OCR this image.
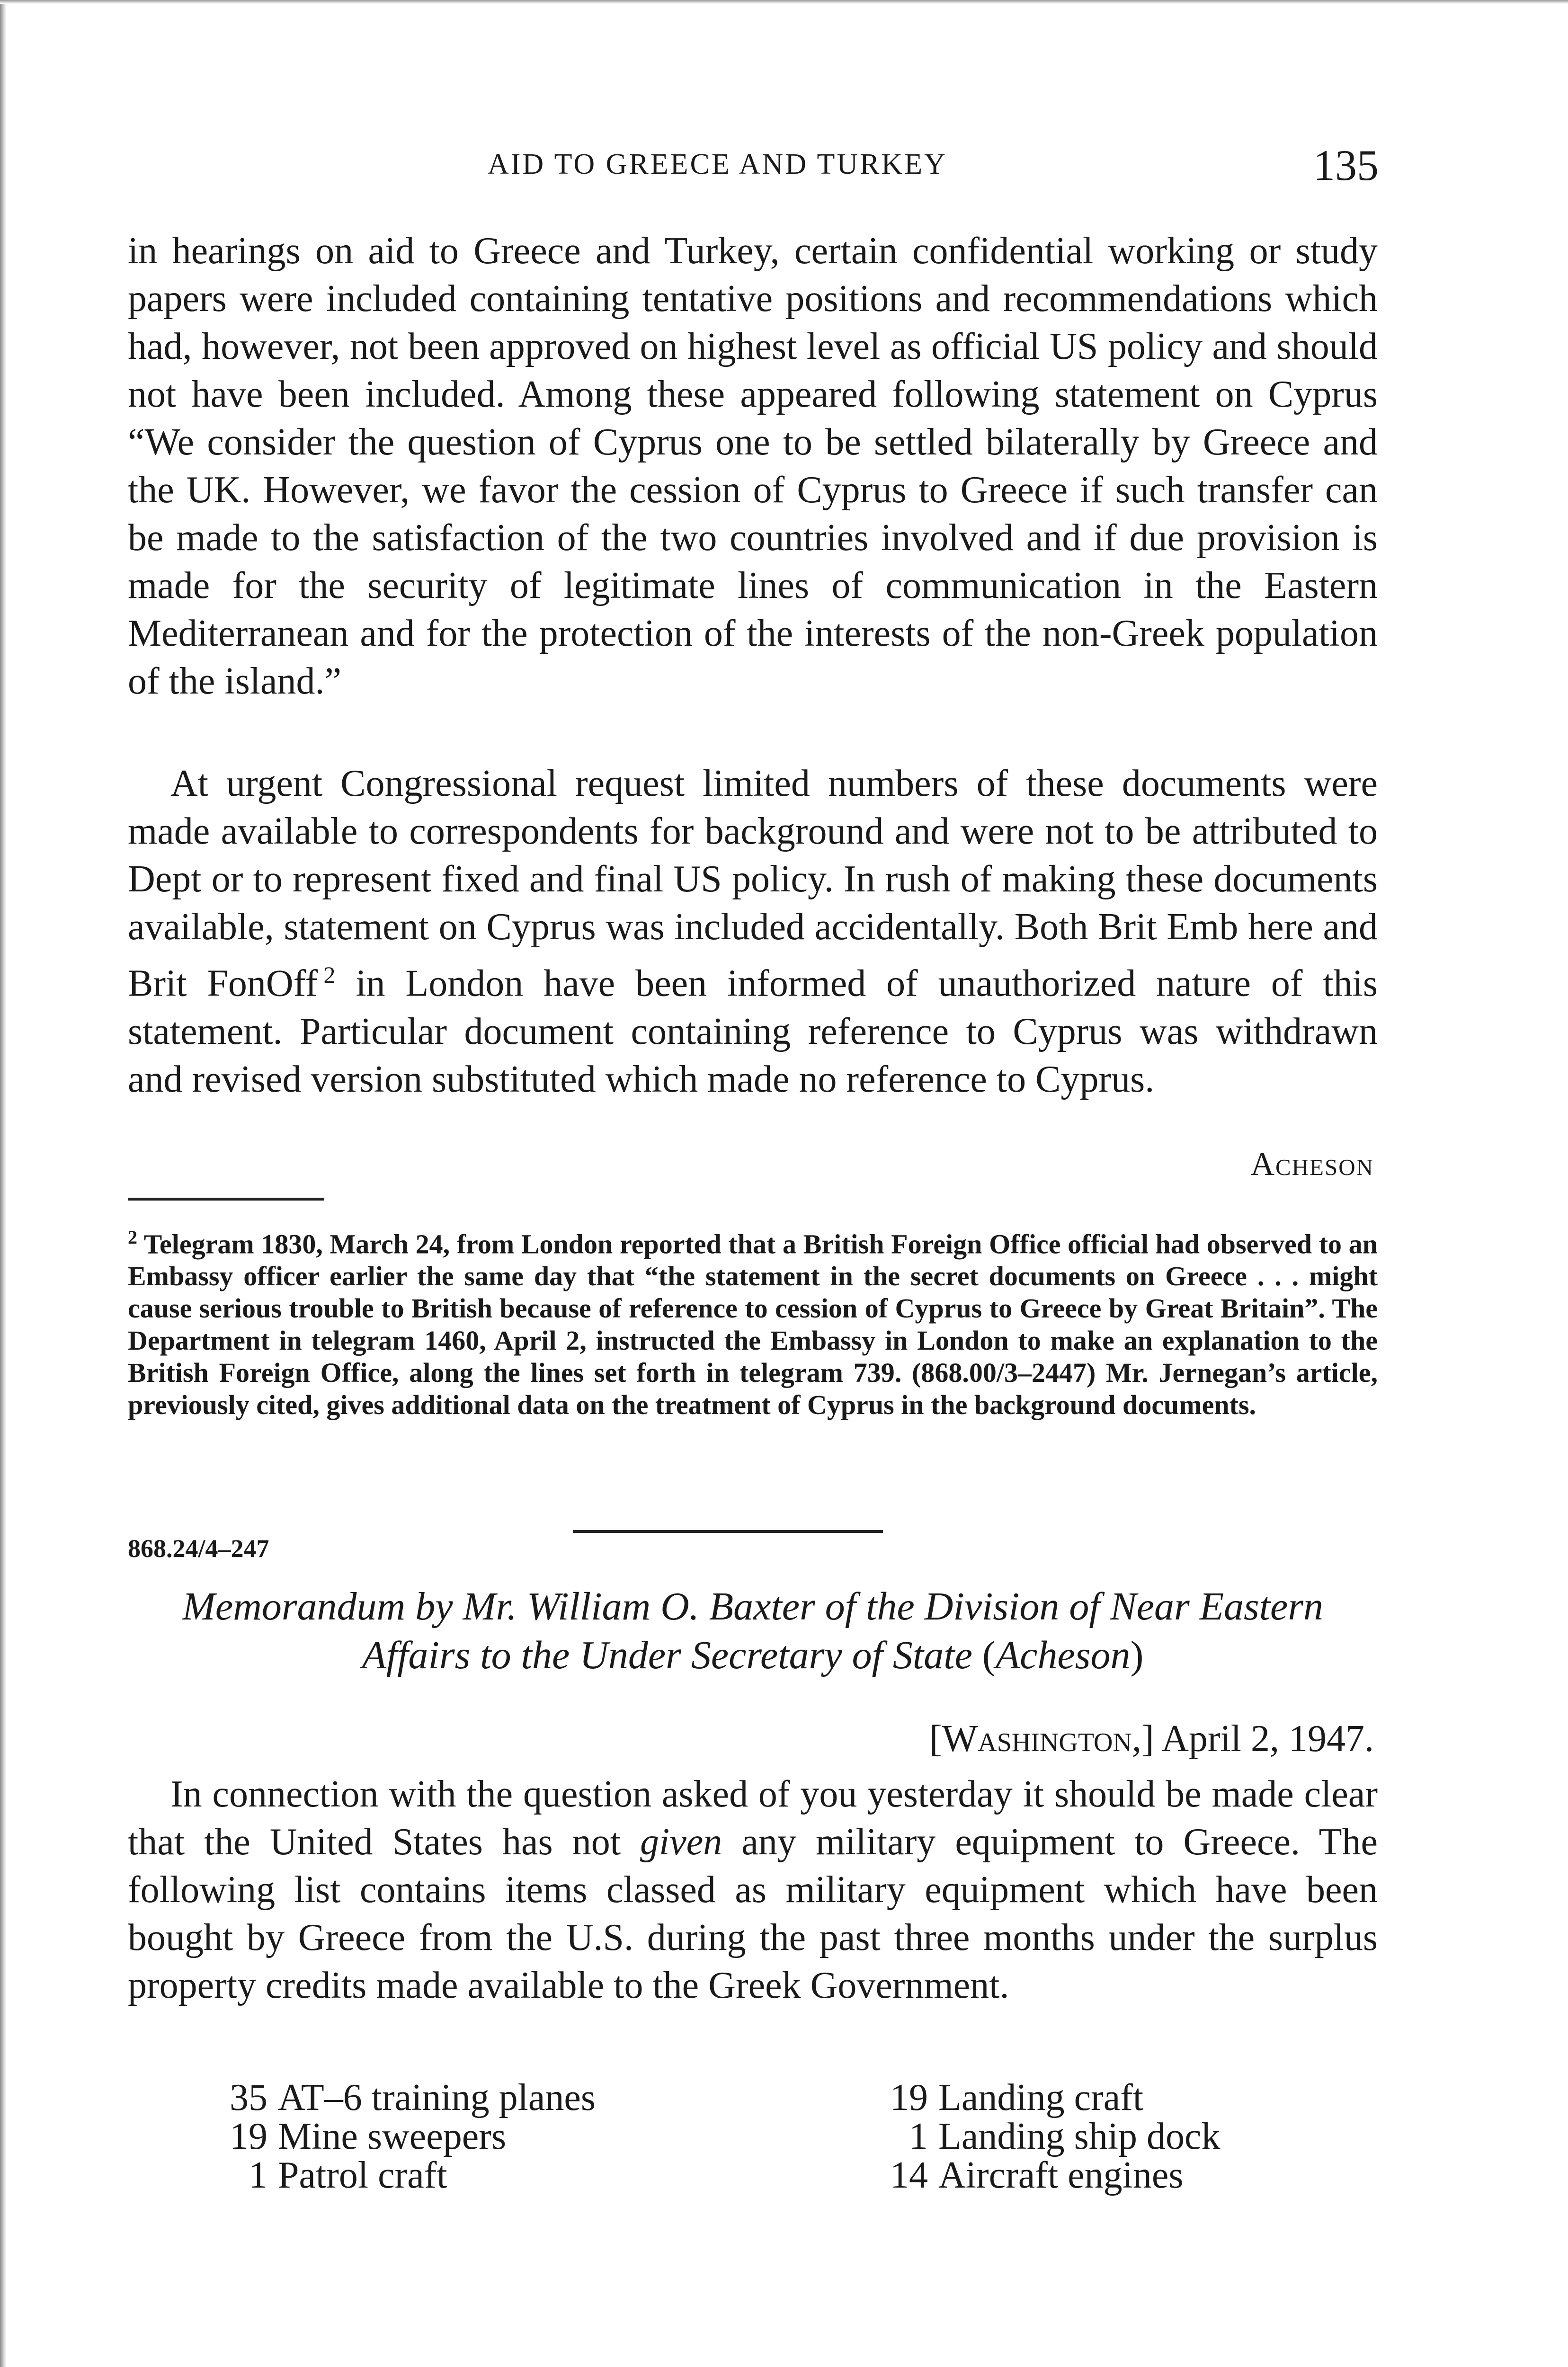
AID TO GREECE AND TURKEY	135
in hearings on aid to Greece and Turkey, certain confidential working or study papers were included containing tentative positions and recommendations which had, however, not been approved on highest level as official US policy and should not have been included. Among these appeared following statement on Cyprus “We consider the question of Cyprus one to be settled bilaterally by Greece and the UK. However, we favor the cession of Cyprus to Greece if such transfer can be made to the satisfaction of the two countries involved and if due provision is made for the security of legitimate lines of communication in the Eastern Mediterranean and for the protection of the interests of the non-Greek population of the island.”
At urgent Congressional request limited numbers of these documents were made available to correspondents for background and were not to be attributed to Dept or to represent fixed and final US policy. In rush of making these documents available, statement on Cyprus was included accidentally. Both Brit Emb here and Brit FonOff $^2$ in London have been informed of unauthorized nature of this statement. Particular document containing reference to Cyprus was withdrawn and revised version substituted which made no reference to Cyprus.
Acheson
$^2$ Telegram 1830, March 24, from London reported that a British Foreign Office official had observed to an Embassy officer earlier the same day that “the statement in the secret documents on Greece . . . might cause serious trouble to British because of reference to cession of Cyprus to Greece by Great Britain”. The Department in telegram 1460, April 2, instructed the Embassy in London to make an explanation to the British Foreign Office, along the lines set forth in telegram 739. (868.00/3–2447) Mr. Jernegan’s article, previously cited, gives additional data on the treatment of Cyprus in the background documents.
868.24/4–247
Memorandum by Mr. William O. Baxter of the Division of Near Eastern Affairs to the Under Secretary of State (Acheson)
[Washington,] April 2, 1947.
In connection with the question asked of you yesterday it should be made clear that the United States has not given any military equipment to Greece. The following list contains items classed as military equipment which have been bought by Greece from the U.S. during the past three months under the surplus property credits made available to the Greek Government.
35 AT–6 training planes
19 Mine sweepers
1 Patrol craft
19 Landing craft
1 Landing ship dock
14 Aircraft engines
